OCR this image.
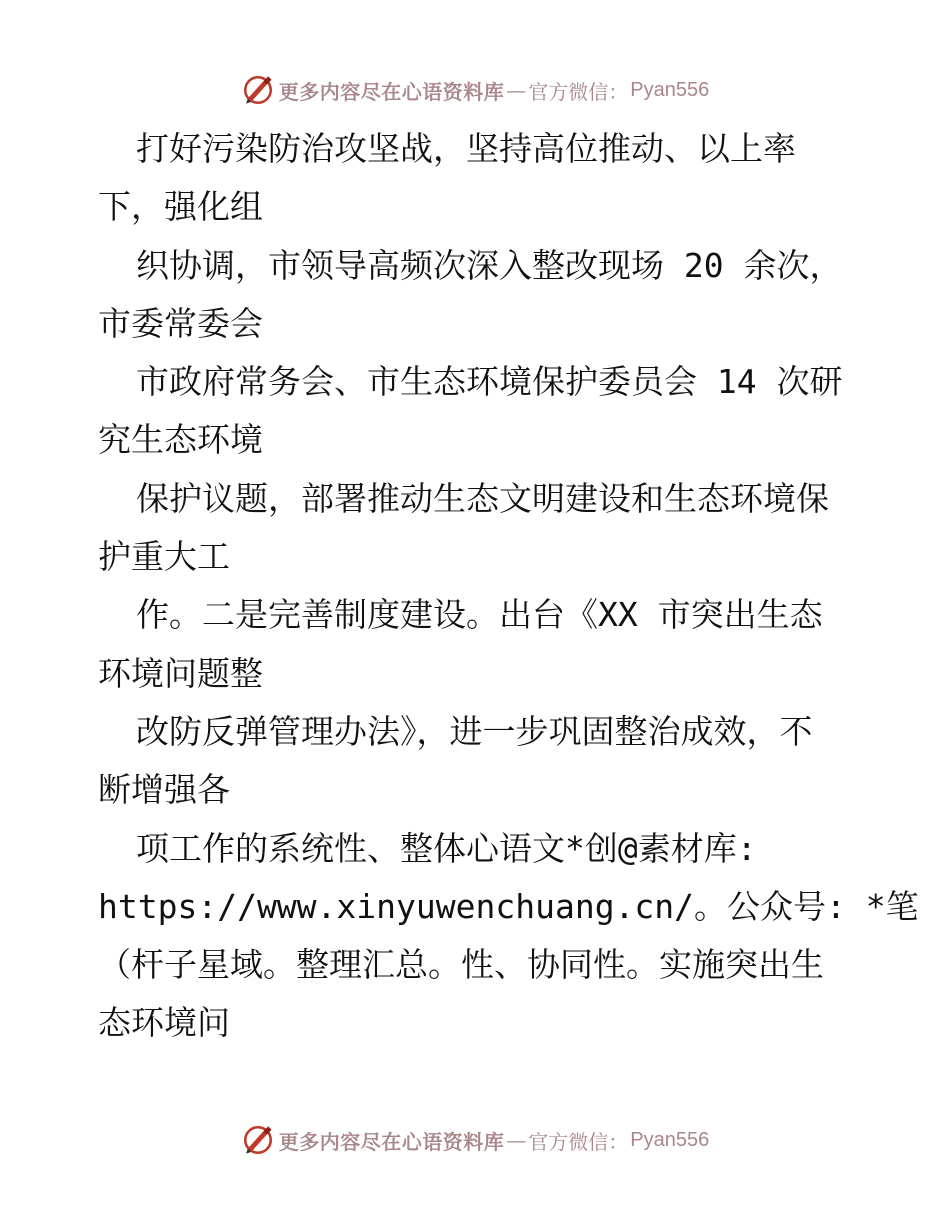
更多内容尽在心语资料库 — 官方微信： Pyan556
打好污染防治攻坚战，坚持高位推动、以上率
下，强化组
织协调，市领导高频次深入整改现场 20 余次，
市委常委会
市政府常务会、市生态环境保护委员会 14 次研
究生态环境
保护议题，部署推动生态文明建设和生态环境保
护重大工
作。二是完善制度建设。出台《XX 市突出生态
环境问题整
改防反弹管理办法》，进一步巩固整治成效，不
断增强各
项工作的系统性、整体心语文*创@素材库:
https://www.xinyuwenchuang.cn/。公众号: *笔
（杆子星域。整理汇总。性、协同性。实施突出生
态环境问
更多内容尽在心语资料库 — 官方微信： Pyan556
